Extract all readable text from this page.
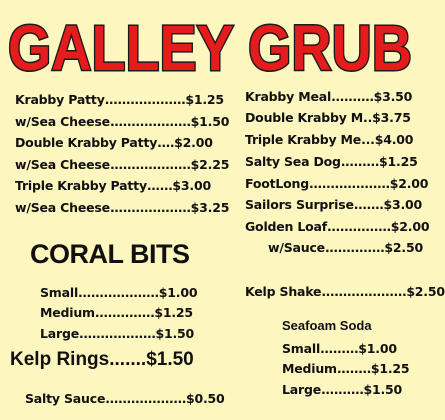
GALLEY GRUB
Krabby Patty...................$1.25
w/Sea Cheese...................$1.50
Double Krabby Patty....$2.00
w/Sea Cheese...................$2.25
Triple Krabby Patty......$3.00
w/Sea Cheese...................$3.25
CORAL BITS
Small...................$1.00
Medium..............$1.25
Large..................$1.50
Kelp Rings.......$1.50
Salty Sauce...................$0.50
Krabby Meal..........$3.50
Double Krabby M..$3.75
Triple Krabby Me...$4.00
Salty Sea Dog.........$1.25
FootLong...................$2.00
Sailors Surprise.......$3.00
Golden Loaf...............$2.00
w/Sauce..............$2.50
Kelp Shake....................$2.50
Seafoam Soda
Small.........$1.00
Medium........$1.25
Large..........$1.50
